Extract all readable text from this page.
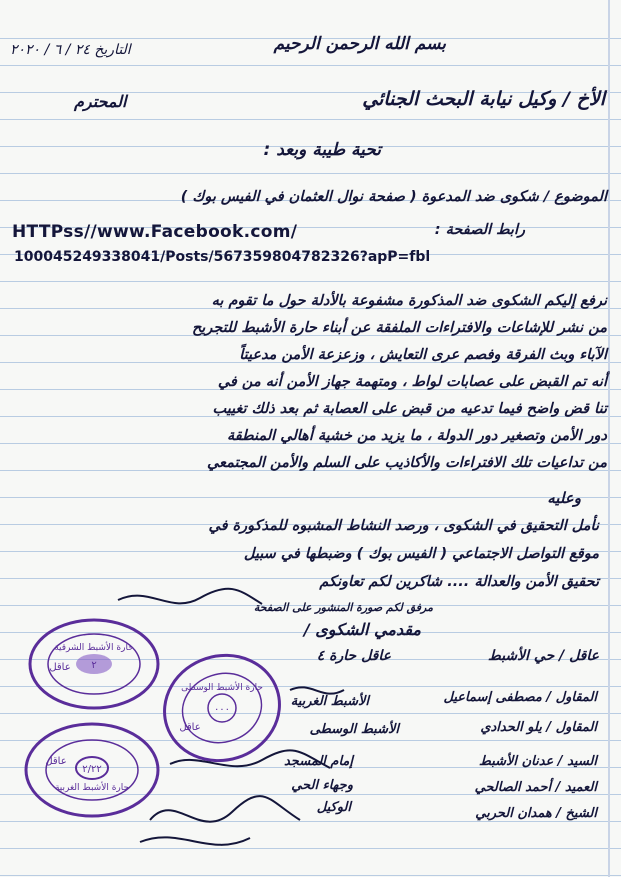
بسم الله الرحمن الرحيم
التاريخ ٢٤ / ٦ / ٢٠٢٠
الأخ / وكيل نيابة البحث الجنائي
المحترم
تحية طيبة وبعد :
الموضوع / شكوى ضد المدعوة ( صفحة نوال العثمان في الفيس بوك )
رابط الصفحة :
HTTPss//www.Facebook.com/
100045249338041/Posts/567359804782326?apP=fbl
نرفع إليكم الشكوى ضد المذكورة مشفوعة بالأدلة حول ما تقوم به
من نشر للإشاعات والافتراءات الملفقة عن أبناء حارة الأشبط للتجريح
الآباء وبث الفرقة وفصم عرى التعايش ، وزعزعة الأمن مدعيتاً
أنه تم القبض على عصابات لواط ، ومتهمة جهاز الأمن أنه من في
تنا قض واضح فيما تدعيه من قبض على العصابة ثم بعد ذلك تغييب
دور الأمن وتصغير دور الدولة ، ما يزيد من خشية أهالي المنطقة
من تداعيات تلك الافتراءات والأكاذيب على السلم والأمن المجتمعي
وعليه
نأمل التحقيق في الشكوى ، ورصد النشاط المشبوه للمذكورة في
موقع التواصل الاجتماعي ( الفيس بوك ) وضبطها في سبيل
تحقيق الأمن والعدالة .... شاكرين لكم تعاونكم
مرفق لكم صورة المنشور على الصفحة
مقدمي الشكوى /
عاقل / حي الأشبط
عاقل حارة ٤
المقاول / مصطفى إسماعيل
المقاول / يلو الحدادي
السيد / عدنان الأشبط
العميد / أحمد الصالحي
الشيخ / همدان الحربي
الأشبط الغربية
الأشبط الوسطى
إمام المسجد
وجهاء الحي
الوكيل
حارة الأشبط الشرقية
عاقل ٢
حارة الأشبط الوسطى
عاقل
٠٠٠
حارة الأشبط الغربية
عاقل
٢/٢٢
